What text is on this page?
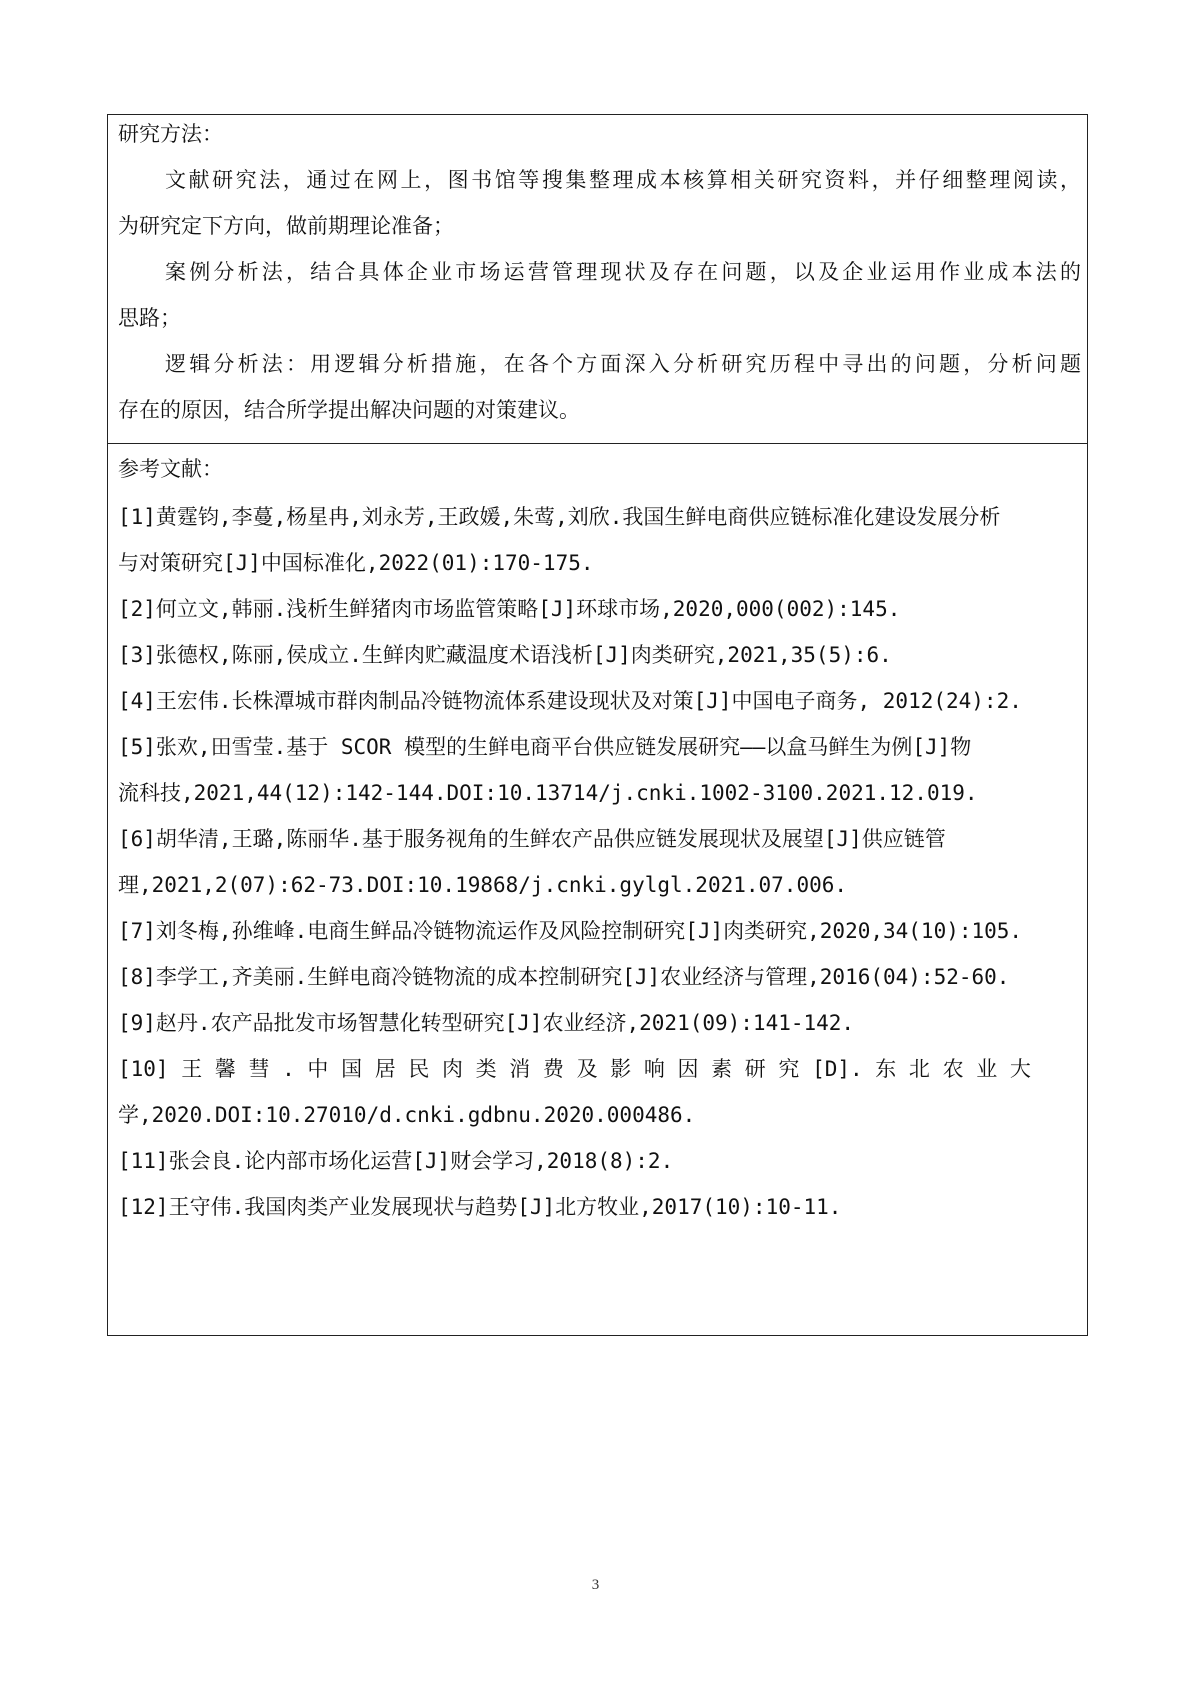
研究方法：
文献研究法，通过在网上，图书馆等搜集整理成本核算相关研究资料，并仔细整理阅读，
为研究定下方向，做前期理论准备；
案例分析法，结合具体企业市场运营管理现状及存在问题，以及企业运用作业成本法的
思路；
逻辑分析法：用逻辑分析措施，在各个方面深入分析研究历程中寻出的问题，分析问题
存在的原因，结合所学提出解决问题的对策建议。
参考文献：
[1]黄霆钧,李蔓,杨星冉,刘永芳,王政媛,朱莺,刘欣.我国生鲜电商供应链标准化建设发展分析
与对策研究[J]中国标准化,2022(01):170-175.
[2]何立文,韩丽.浅析生鲜猪肉市场监管策略[J]环球市场,2020,000(002):145.
[3]张德权,陈丽,侯成立.生鲜肉贮藏温度术语浅析[J]肉类研究,2021,35(5):6.
[4]王宏伟.长株潭城市群肉制品冷链物流体系建设现状及对策[J]中国电子商务, 2012(24):2.
[5]张欢,田雪莹.基于 SCOR 模型的生鲜电商平台供应链发展研究——以盒马鲜生为例[J]物
流科技,2021,44(12):142-144.DOI:10.13714/j.cnki.1002-3100.2021.12.019.
[6]胡华清,王璐,陈丽华.基于服务视角的生鲜农产品供应链发展现状及展望[J]供应链管
理,2021,2(07):62-73.DOI:10.19868/j.cnki.gylgl.2021.07.006.
[7]刘冬梅,孙维峰.电商生鲜品冷链物流运作及风险控制研究[J]肉类研究,2020,34(10):105.
[8]李学工,齐美丽.生鲜电商冷链物流的成本控制研究[J]农业经济与管理,2016(04):52-60.
[9]赵丹.农产品批发市场智慧化转型研究[J]农业经济,2021(09):141-142.
[10] 王 馨 彗 . 中 国 居 民 肉 类 消 费 及 影 响 因 素 研 究 [D]. 东 北 农 业 大
学,2020.DOI:10.27010/d.cnki.gdbnu.2020.000486.
[11]张会良.论内部市场化运营[J]财会学习,2018(8):2.
[12]王守伟.我国肉类产业发展现状与趋势[J]北方牧业,2017(10):10-11.
3
